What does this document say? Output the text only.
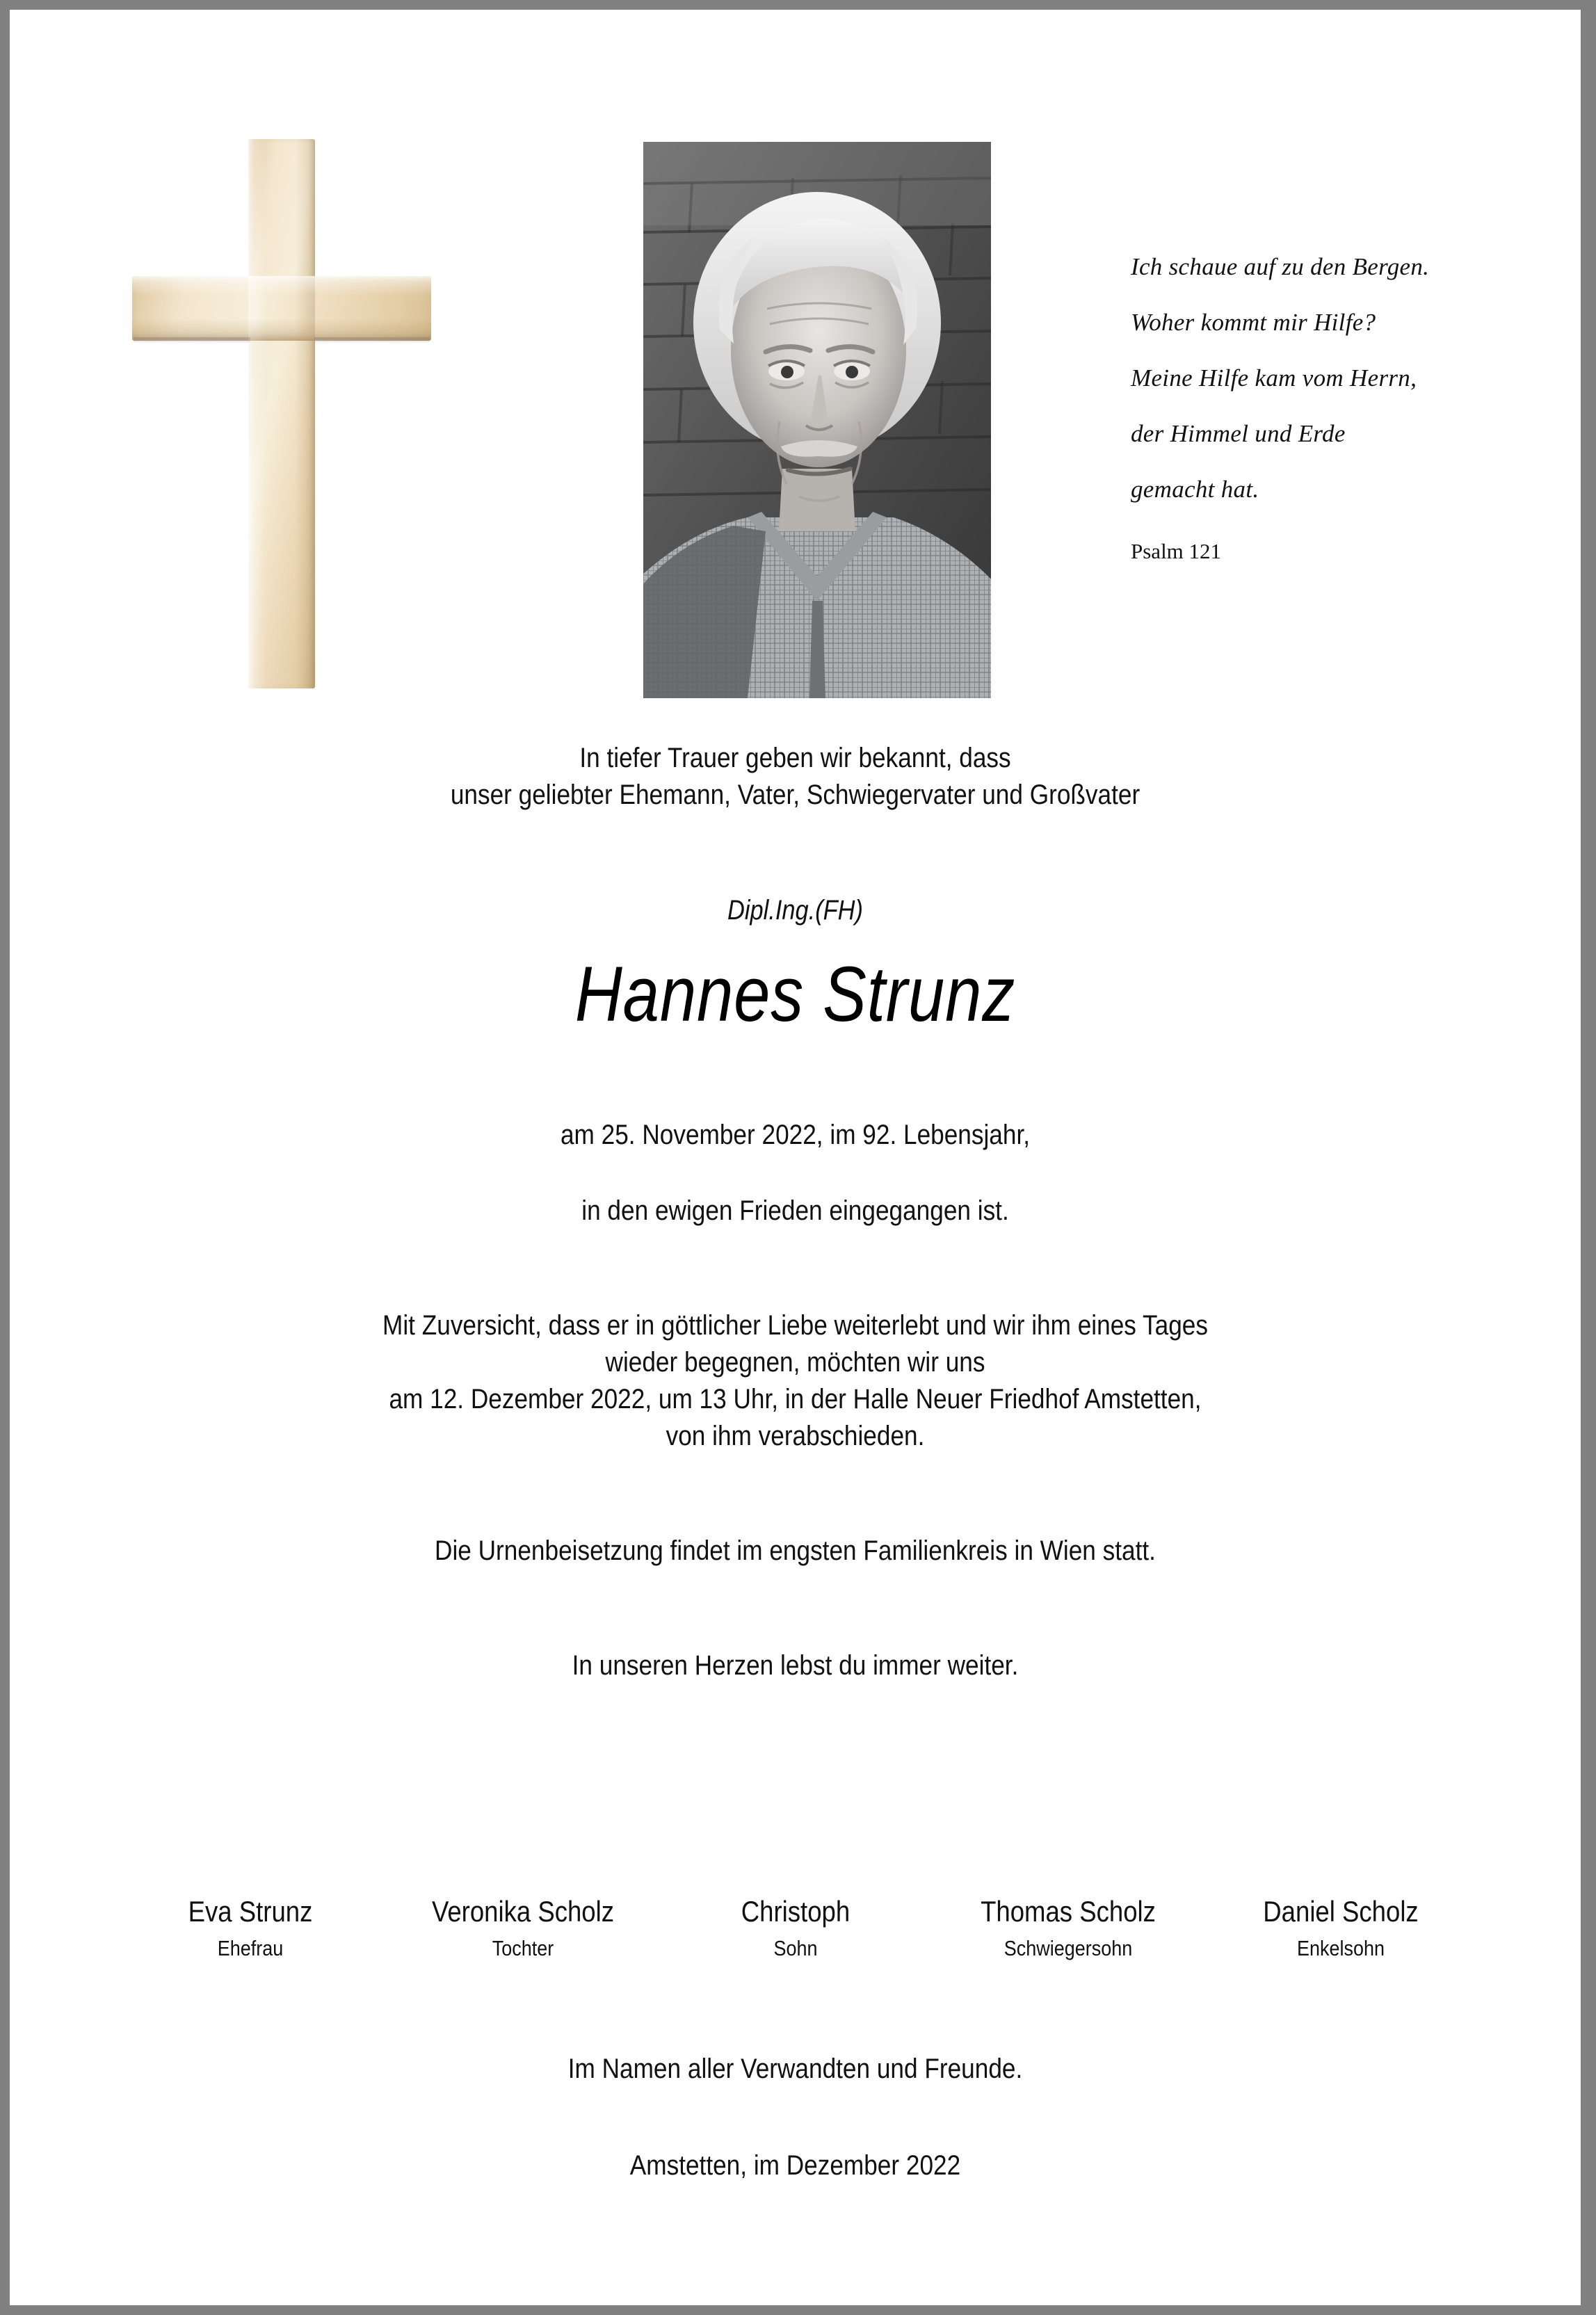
Ich schaue auf zu den Bergen.
Woher kommt mir Hilfe?
Meine Hilfe kam vom Herrn,
der Himmel und Erde
gemacht hat.
Psalm 121
In tiefer Trauer geben wir bekannt, dass
unser geliebter Ehemann, Vater, Schwiegervater und Großvater
Dipl.Ing.(FH)
Hannes Strunz
am 25. November 2022, im 92. Lebensjahr,
in den ewigen Frieden eingegangen ist.
Mit Zuversicht, dass er in göttlicher Liebe weiterlebt und wir ihm eines Tages
wieder begegnen, möchten wir uns
am 12. Dezember 2022, um 13 Uhr, in der Halle Neuer Friedhof Amstetten,
von ihm verabschieden.
Die Urnenbeisetzung findet im engsten Familienkreis in Wien statt.
In unseren Herzen lebst du immer weiter.
Eva Strunz
Ehefrau
Veronika Scholz
Tochter
Christoph
Sohn
Thomas Scholz
Schwiegersohn
Daniel Scholz
Enkelsohn
Im Namen aller Verwandten und Freunde.
Amstetten, im Dezember 2022
